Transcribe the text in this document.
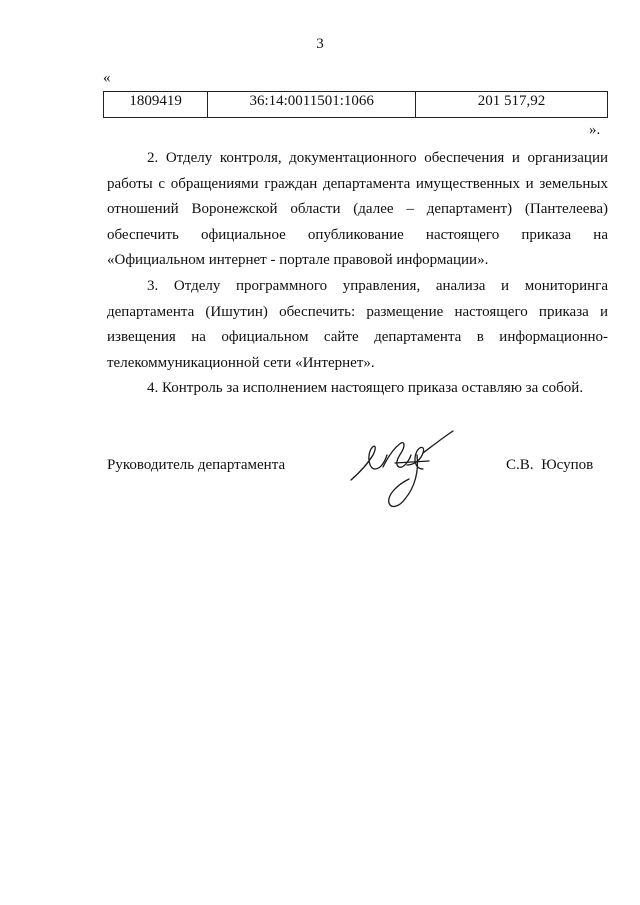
3
«
1809419	36:14:0011501:1066	201 517,92
».
2. Отделу контроля, документационного обеспечения и организации работы с обращениями граждан департамента имущественных и земельных отношений Воронежской области (далее – департамент) (Пантелеева) обеспечить официальное опубликование настоящего приказа на «Официальном интернет - портале правовой информации».
3. Отделу программного управления, анализа и мониторинга департамента (Ишутин) обеспечить: размещение настоящего приказа и извещения на официальном сайте департамента в информационно-телекоммуникационной сети «Интернет».
4. Контроль за исполнением настоящего приказа оставляю за собой.
Руководитель департамента	С.В. Юсупов
